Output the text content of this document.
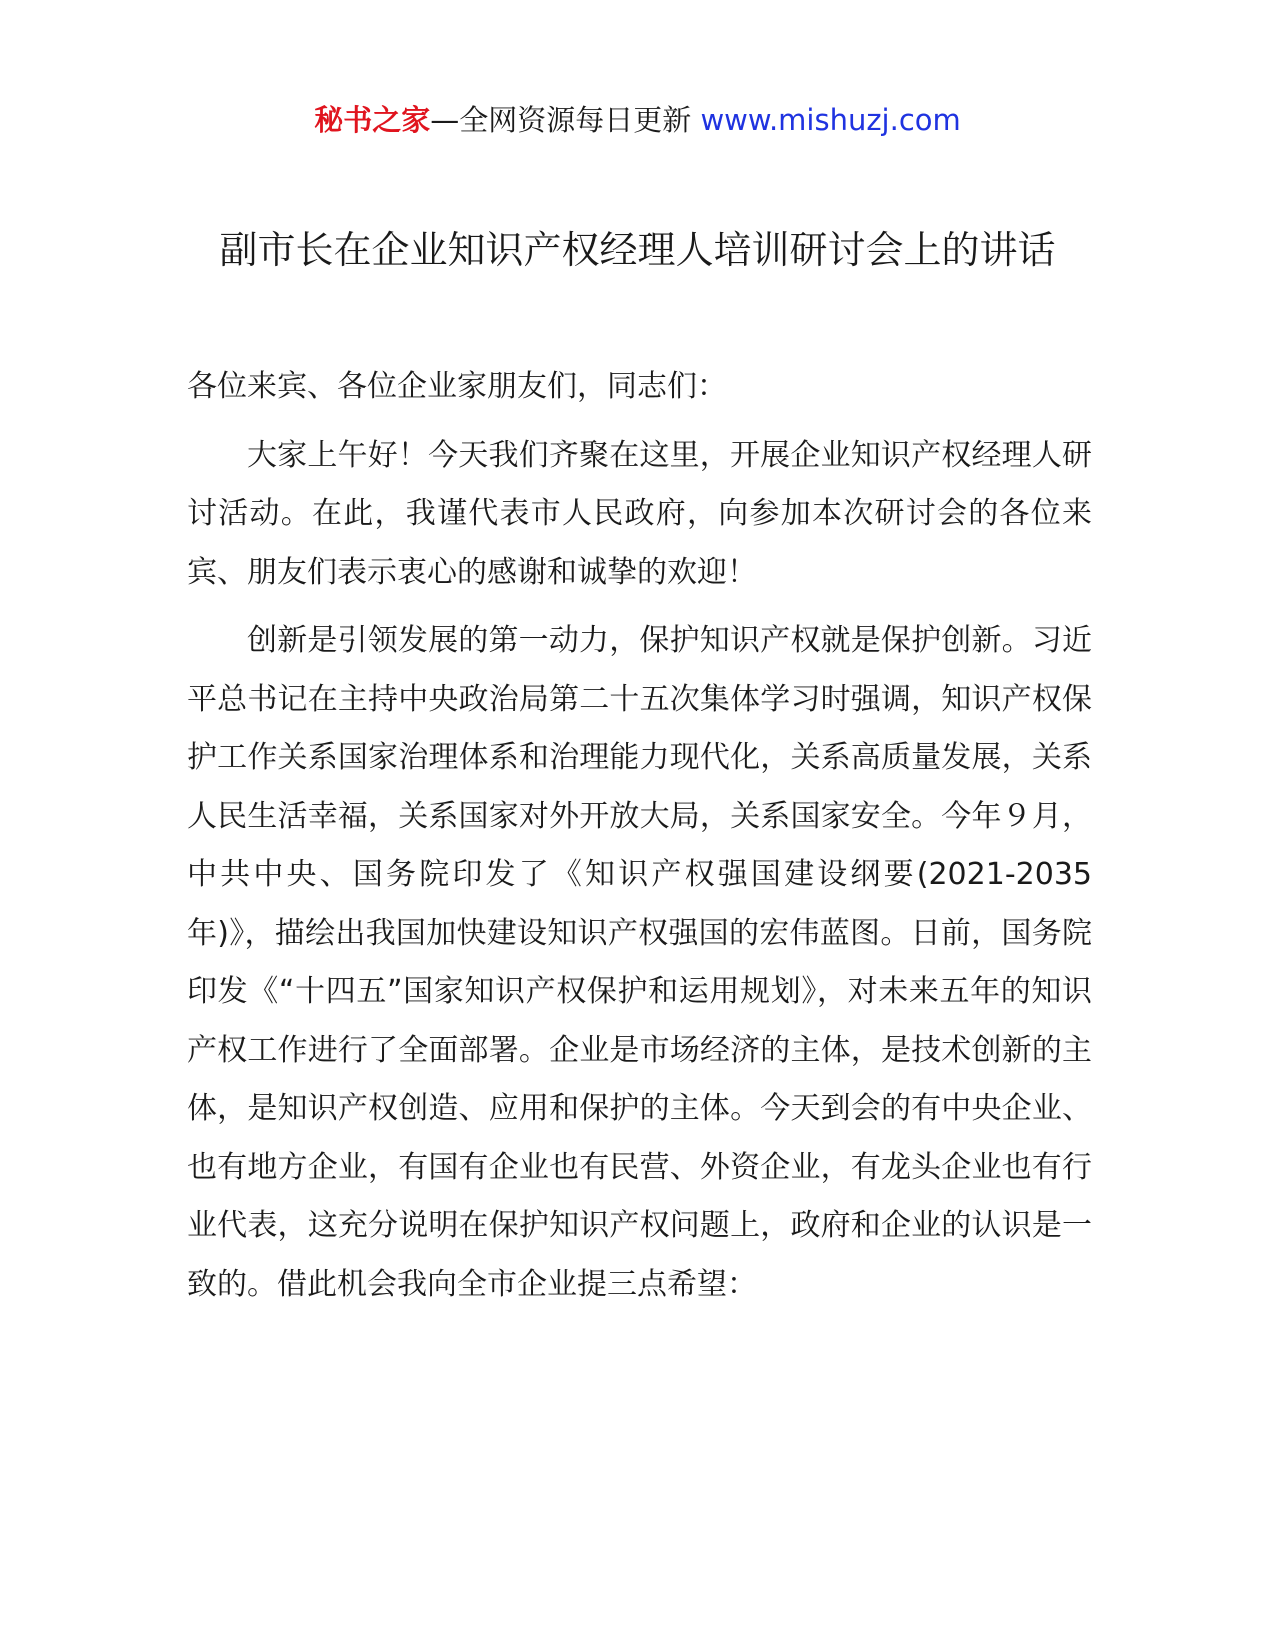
秘书之家—全网资源每日更新 www.mishuzj.com
副市长在企业知识产权经理人培训研讨会上的讲话

各位来宾、各位企业家朋友们，同志们：

大家上午好！今天我们齐聚在这里，开展企业知识产权经理人研讨活动。在此，我谨代表市人民政府，向参加本次研讨会的各位来宾、朋友们表示衷心的感谢和诚挚的欢迎！

创新是引领发展的第一动力，保护知识产权就是保护创新。习近平总书记在主持中央政治局第二十五次集体学习时强调，知识产权保护工作关系国家治理体系和治理能力现代化，关系高质量发展，关系人民生活幸福，关系国家对外开放大局，关系国家安全。今年９月，中共中央、国务院印发了《知识产权强国建设纲要(2021-2035年)》，描绘出我国加快建设知识产权强国的宏伟蓝图。日前，国务院印发《“十四五”国家知识产权保护和运用规划》，对未来五年的知识产权工作进行了全面部署。企业是市场经济的主体，是技术创新的主体，是知识产权创造、应用和保护的主体。今天到会的有中央企业、也有地方企业，有国有企业也有民营、外资企业，有龙头企业也有行业代表，这充分说明在保护知识产权问题上，政府和企业的认识是一致的。借此机会我向全市企业提三点希望：
